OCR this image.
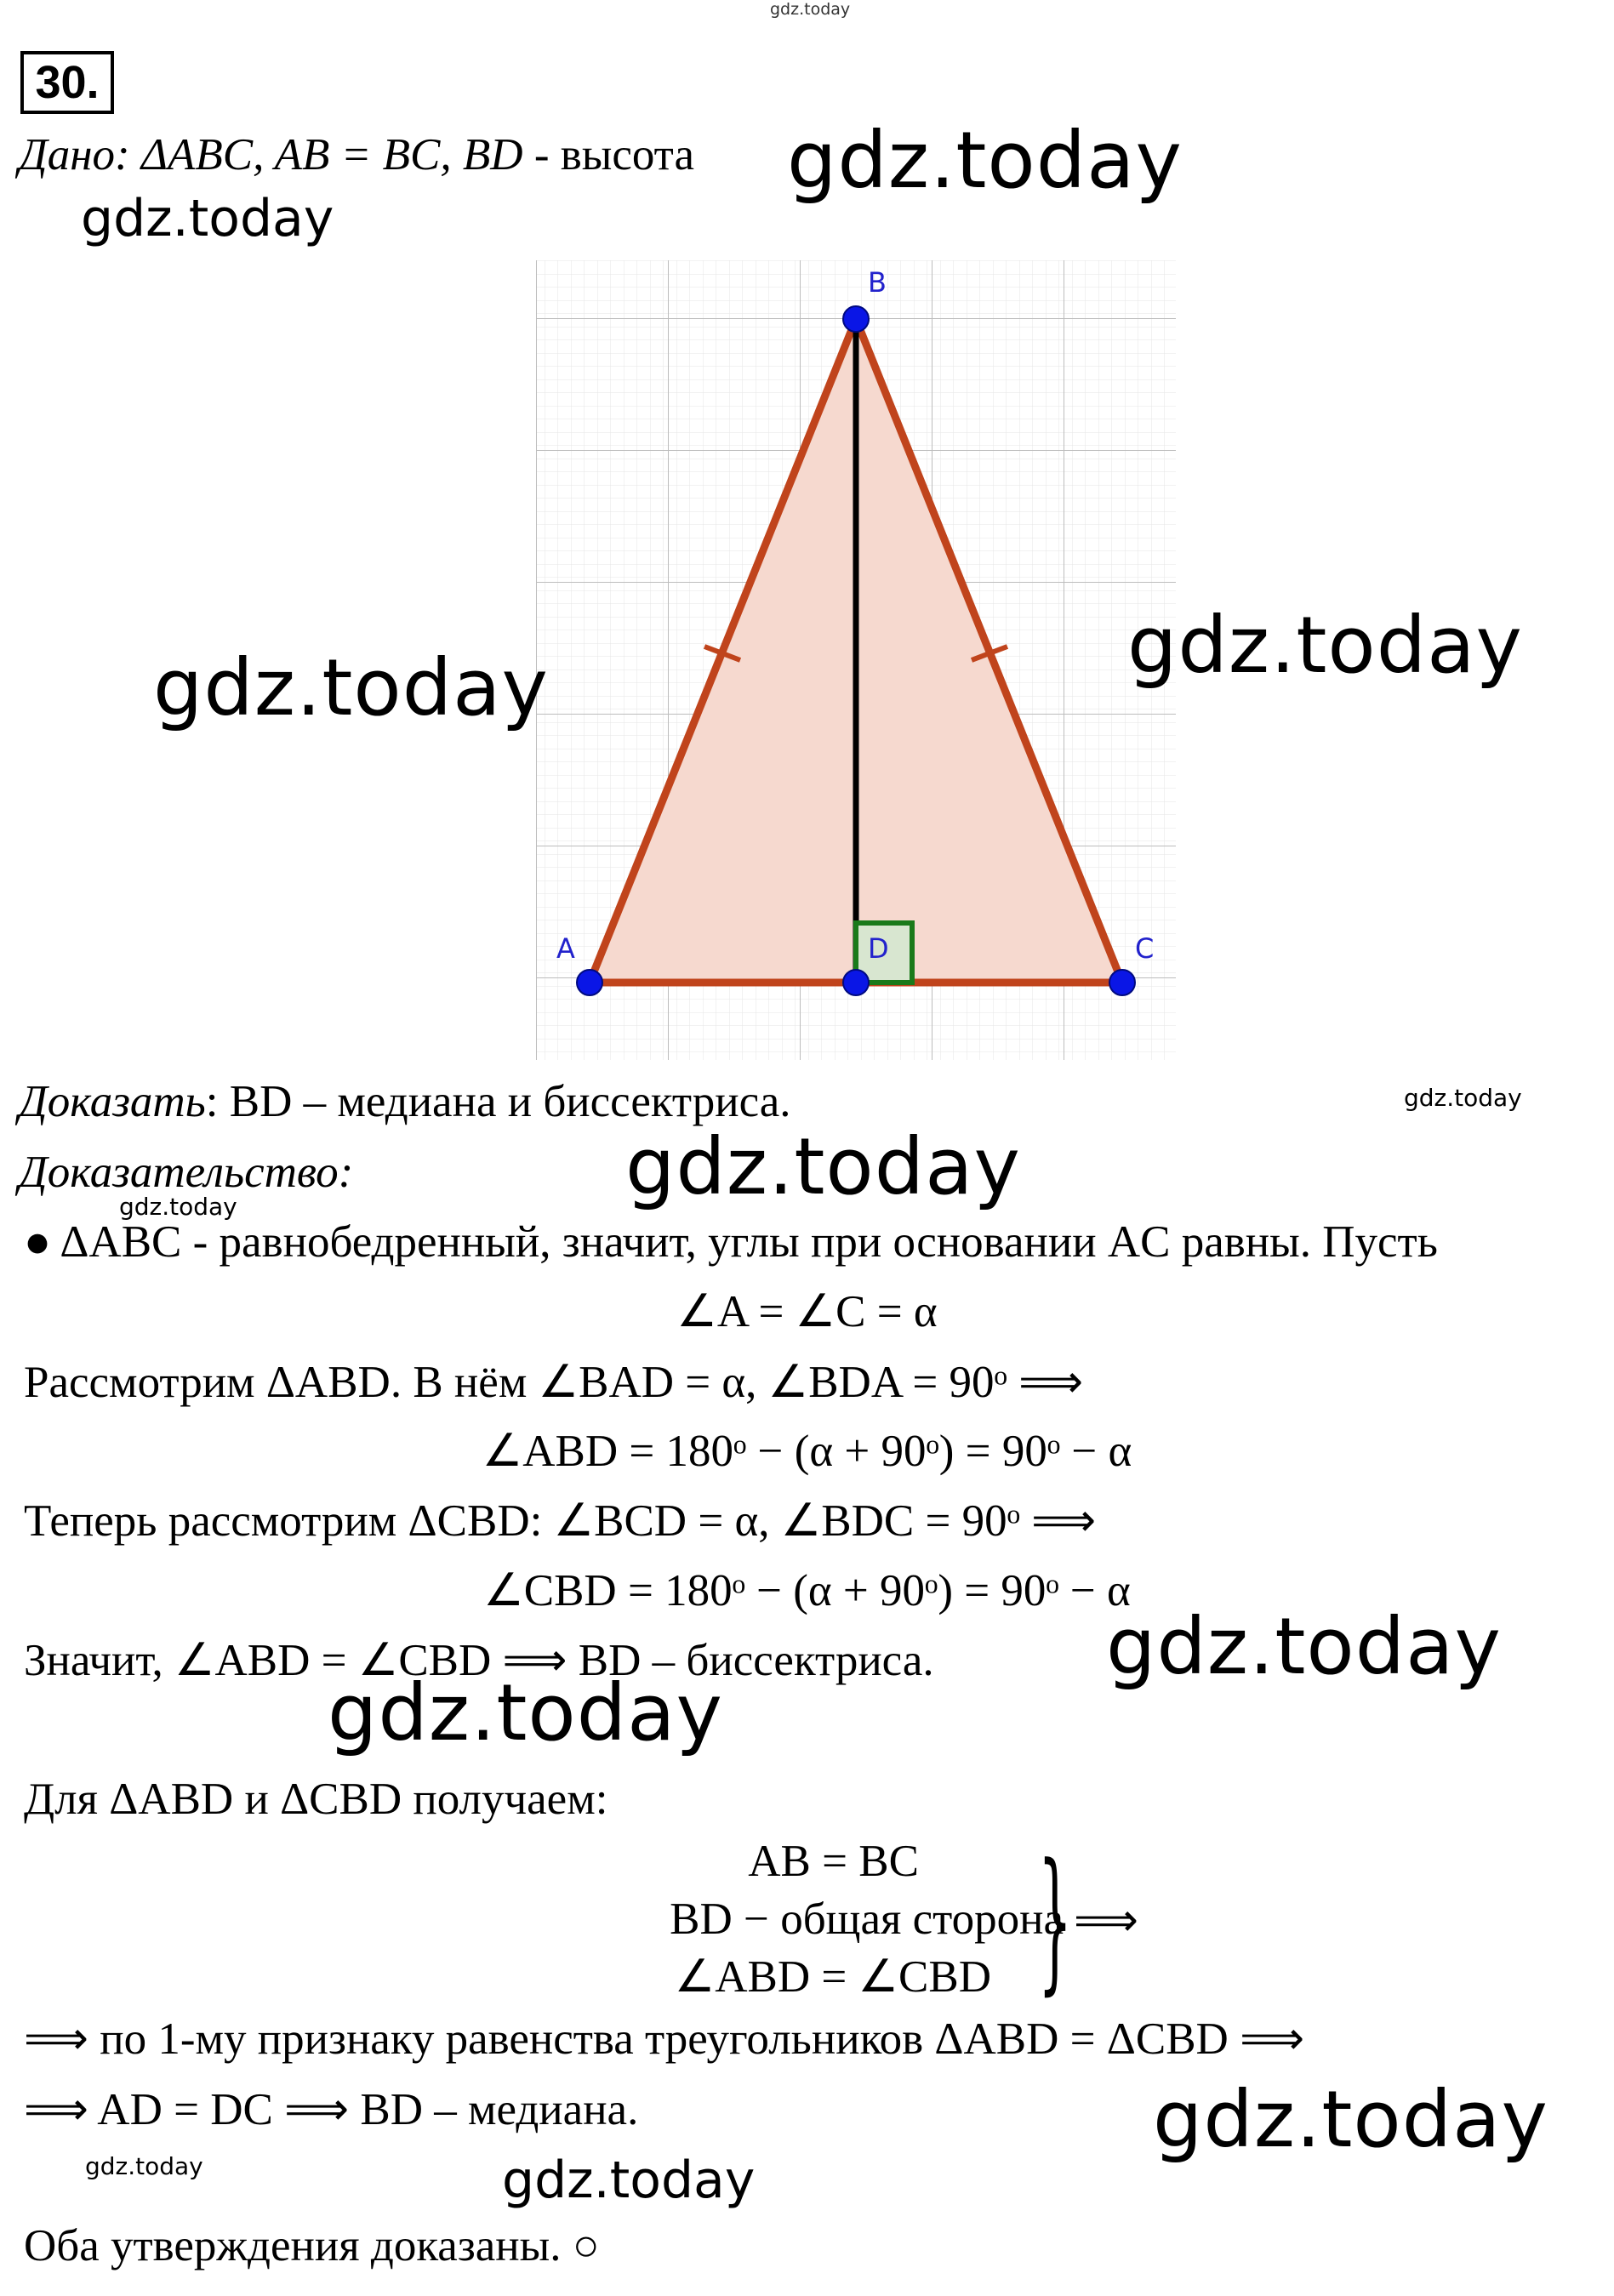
gdz.today
30.
Дано: ΔABC, AB = BC, BD - высота gdz.today
gdz.today
A
B
C
D
gdz.today	gdz.today
Доказать: BD – медиана и биссектриса.	gdz.today
Доказательство:	gdz.today
gdz.today
● ΔABC - равнобедренный, значит, углы при основании AC равны. Пусть
∠A = ∠C = α
Рассмотрим ΔABD. В нём ∠BAD = α, ∠BDA = 90ᵒ ⟹
∠ABD = 180ᵒ − (α + 90ᵒ) = 90ᵒ − α
Теперь рассмотрим ΔCBD: ∠BCD = α, ∠BDC = 90ᵒ ⟹
∠CBD = 180ᵒ − (α + 90ᵒ) = 90ᵒ − α
Значит, ∠ABD = ∠CBD ⟹ BD – биссектриса. gdz.today
gdz.today
Для ΔABD и ΔCBD получаем:
AB = BC
BD − общая сторона
∠ABD = ∠CBD } ⟹
⟹ по 1-му признаку равенства треугольников ΔABD = ΔCBD ⟹
⟹ AD = DC ⟹ BD – медиана.	gdz.today
gdz.today	gdz.today
Оба утверждения доказаны. ○
